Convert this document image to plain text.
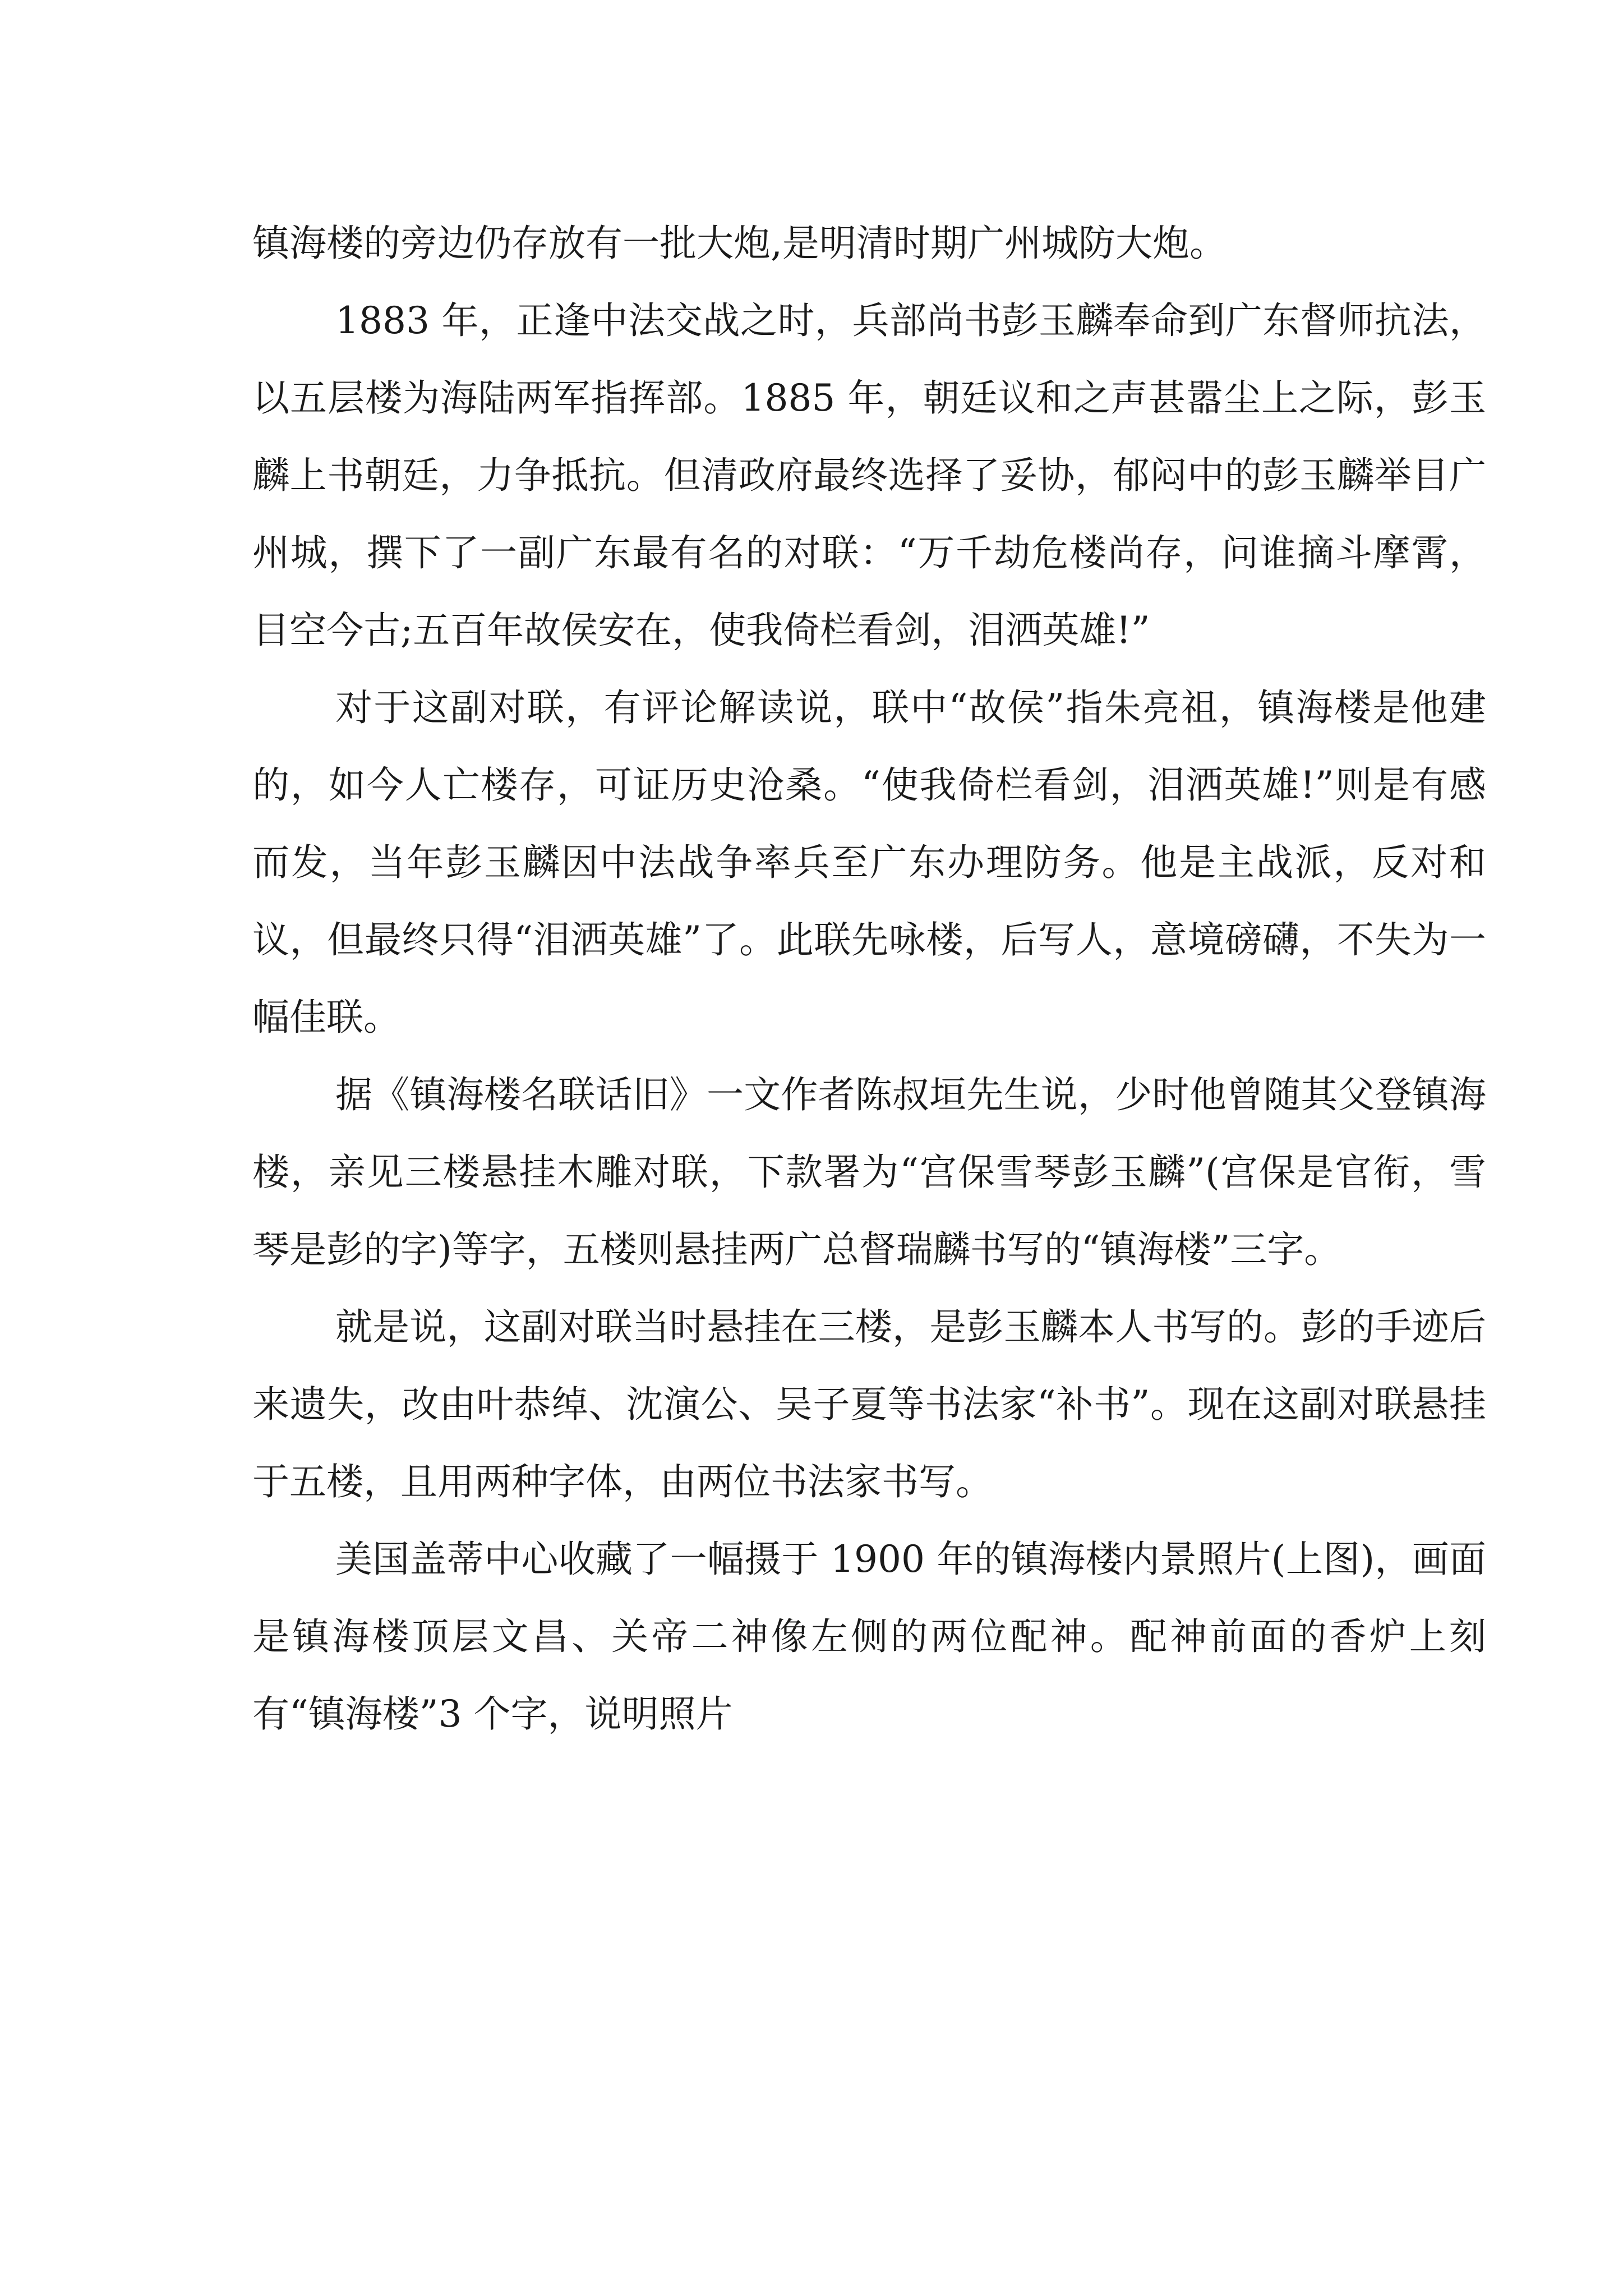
镇海楼的旁边仍存放有一批大炮,是明清时期广州城防大炮。

1883 年，正逢中法交战之时，兵部尚书彭玉麟奉命到广东督师抗法，以五层楼为海陆两军指挥部。1885 年，朝廷议和之声甚嚣尘上之际，彭玉麟上书朝廷，力争抵抗。但清政府最终选择了妥协，郁闷中的彭玉麟举目广州城，撰下了一副广东最有名的对联：“万千劫危楼尚存，问谁摘斗摩霄，目空今古;五百年故侯安在，使我倚栏看剑，泪洒英雄!”

对于这副对联，有评论解读说，联中“故侯”指朱亮祖，镇海楼是他建的，如今人亡楼存，可证历史沧桑。“使我倚栏看剑，泪洒英雄!”则是有感而发，当年彭玉麟因中法战争率兵至广东办理防务。他是主战派，反对和议，但最终只得“泪洒英雄”了。此联先咏楼，后写人，意境磅礴，不失为一幅佳联。

据《镇海楼名联话旧》一文作者陈叔垣先生说，少时他曾随其父登镇海楼，亲见三楼悬挂木雕对联，下款署为“宫保雪琴彭玉麟”(宫保是官衔，雪琴是彭的字)等字，五楼则悬挂两广总督瑞麟书写的“镇海楼”三字。

就是说，这副对联当时悬挂在三楼，是彭玉麟本人书写的。彭的手迹后来遗失，改由叶恭绰、沈演公、吴子夏等书法家“补书”。现在这副对联悬挂于五楼，且用两种字体，由两位书法家书写。

美国盖蒂中心收藏了一幅摄于 1900 年的镇海楼内景照片(上图)，画面是镇海楼顶层文昌、关帝二神像左侧的两位配神。配神前面的香炉上刻有“镇海楼”3 个字，说明照片
